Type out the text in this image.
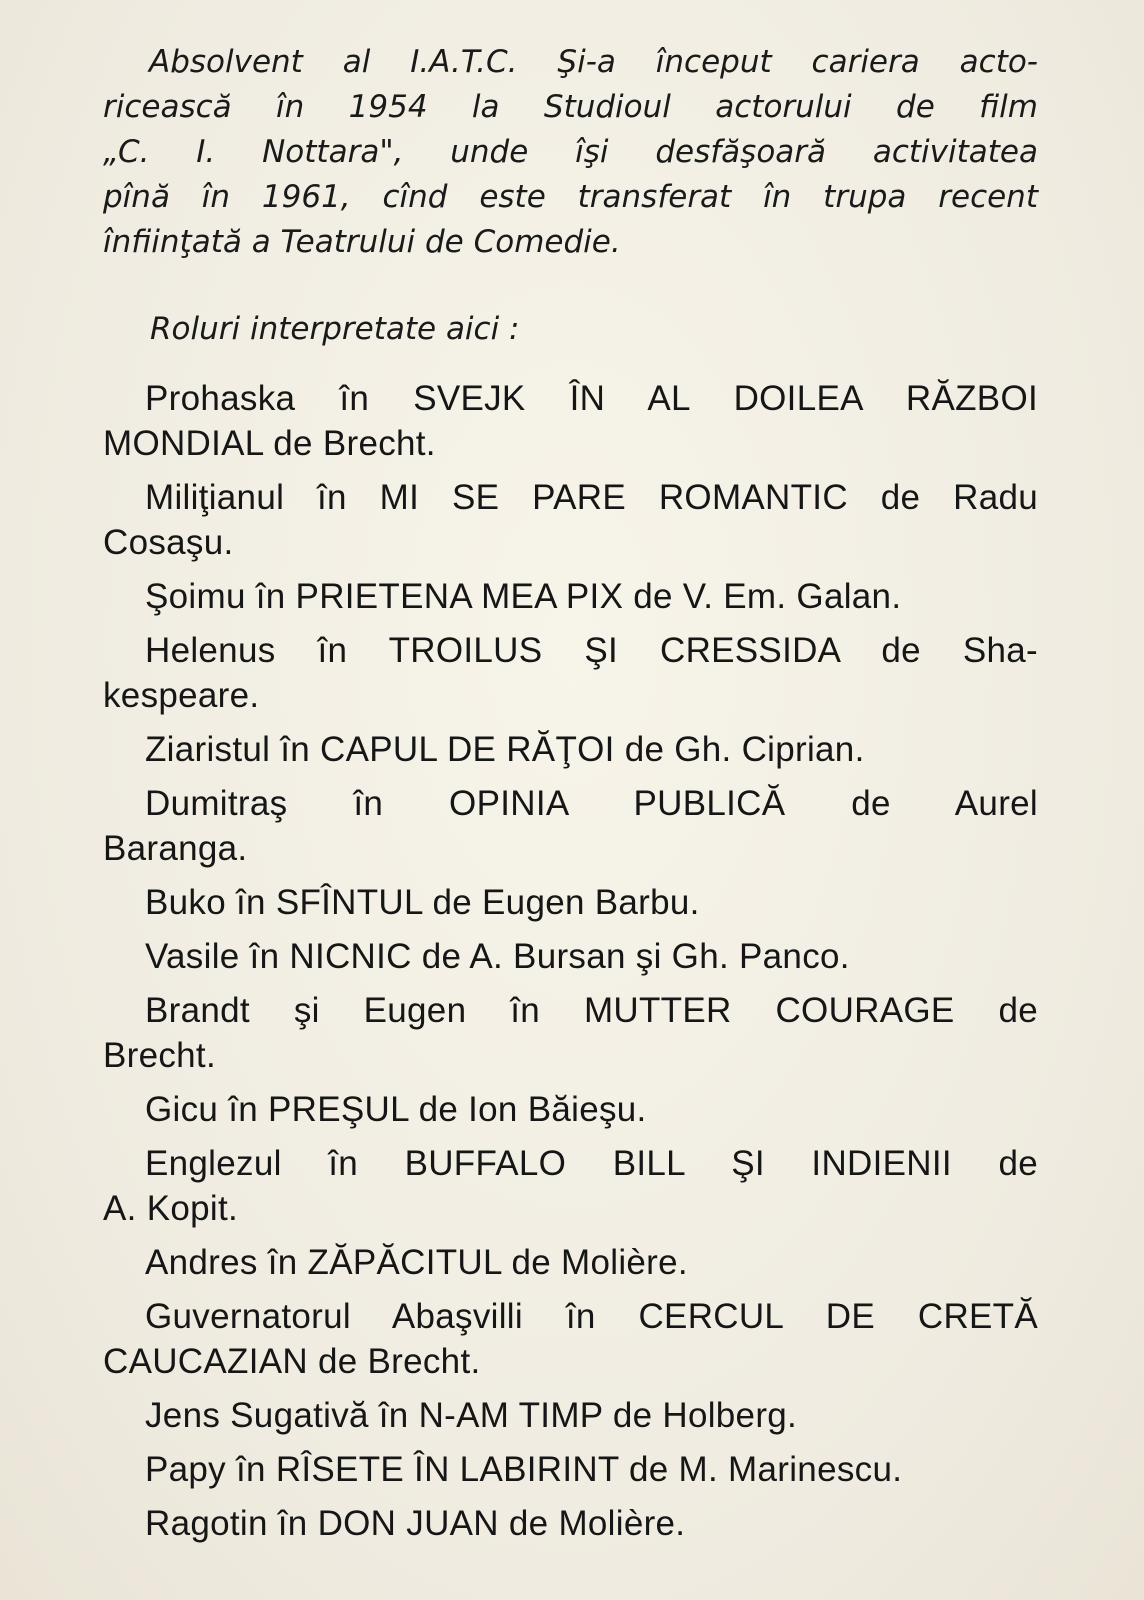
Absolvent al I.A.T.C. Şi-a început cariera acto-
ricească în 1954 la Studioul actorului de film
„C. I. Nottara", unde îşi desfăşoară activitatea
pînă în 1961, cînd este transferat în trupa recent
înfiinţată a Teatrului de Comedie.
Roluri interpretate aici :
Prohaska în SVEJK ÎN AL DOILEA RĂZBOI
MONDIAL de Brecht.
Miliţianul în MI SE PARE ROMANTIC de Radu
Cosaşu.
Şoimu în PRIETENA MEA PIX de V. Em. Galan.
Helenus în TROILUS ŞI CRESSIDA de Sha-
kespeare.
Ziaristul în CAPUL DE RĂŢOI de Gh. Ciprian.
Dumitraş în OPINIA PUBLICĂ de Aurel
Baranga.
Buko în SFÎNTUL de Eugen Barbu.
Vasile în NICNIC de A. Bursan şi Gh. Panco.
Brandt şi Eugen în MUTTER COURAGE de
Brecht.
Gicu în PREŞUL de Ion Băieşu.
Englezul în BUFFALO BILL ŞI INDIENII de
A. Kopit.
Andres în ZĂPĂCITUL de Molière.
Guvernatorul Abaşvilli în CERCUL DE CRETĂ
CAUCAZIAN de Brecht.
Jens Sugativă în N-AM TIMP de Holberg.
Papy în RÎSETE ÎN LABIRINT de M. Marinescu.
Ragotin în DON JUAN de Molière.
